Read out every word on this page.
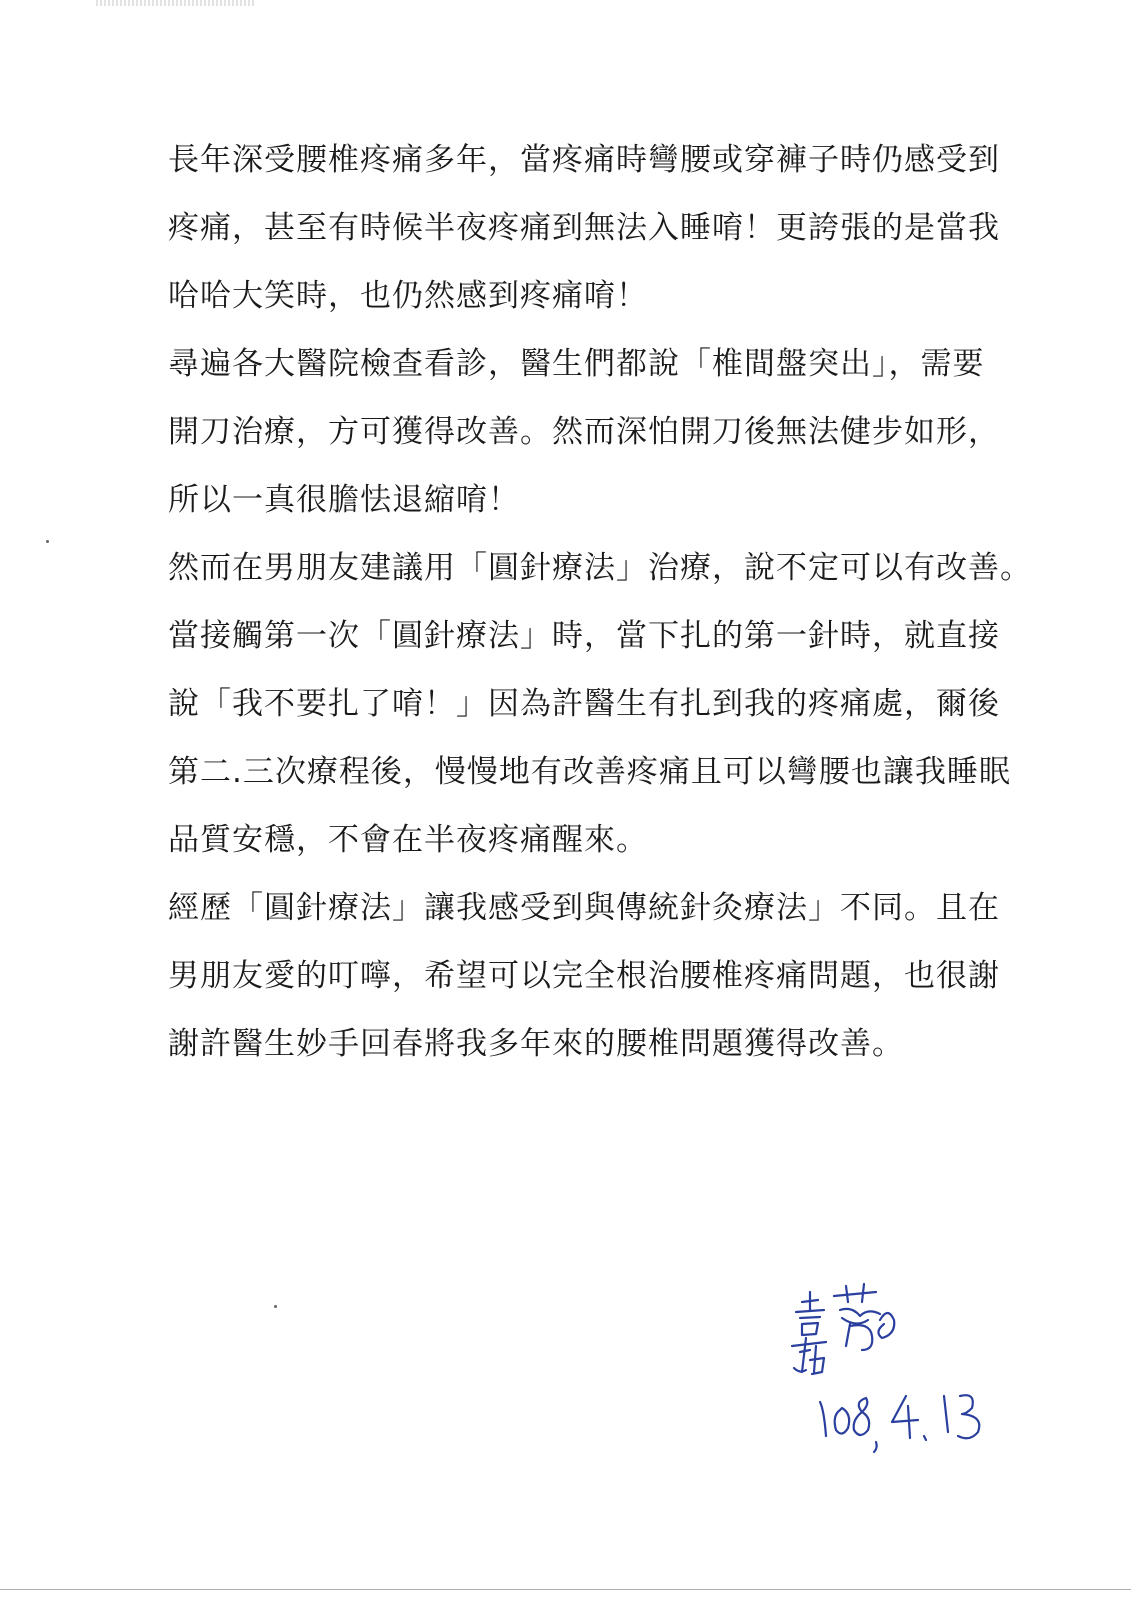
長年深受腰椎疼痛多年，當疼痛時彎腰或穿褲子時仍感受到
疼痛，甚至有時候半夜疼痛到無法入睡唷！更誇張的是當我
哈哈大笑時，也仍然感到疼痛唷！
尋遍各大醫院檢查看診，醫生們都說「椎間盤突出」，需要
開刀治療，方可獲得改善。然而深怕開刀後無法健步如形，
所以一真很膽怯退縮唷！
然而在男朋友建議用「圓針療法」治療，說不定可以有改善。
當接觸第一次「圓針療法」時，當下扎的第一針時，就直接
說「我不要扎了唷！」因為許醫生有扎到我的疼痛處，爾後
第二.三次療程後，慢慢地有改善疼痛且可以彎腰也讓我睡眠
品質安穩，不會在半夜疼痛醒來。
經歷「圓針療法」讓我感受到與傳統針灸療法」不同。且在
男朋友愛的叮嚀，希望可以完全根治腰椎疼痛問題，也很謝
謝許醫生妙手回春將我多年來的腰椎問題獲得改善。
